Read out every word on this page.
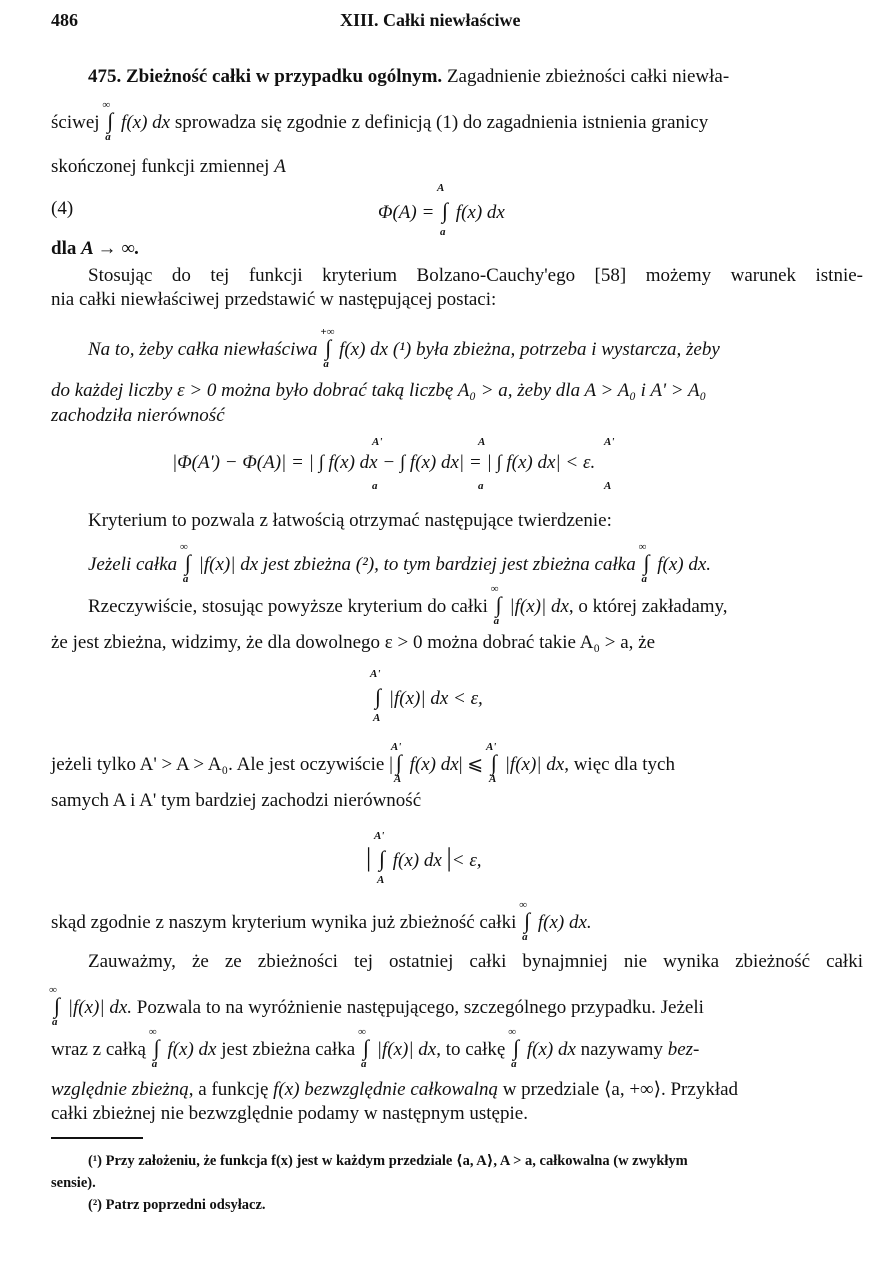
486	XIII. Całki niewłaściwe
475. Zbieżność całki w przypadku ogólnym. Zagadnienie zbieżności całki niewła-
ściwej
∞
∫
a
f(x) dx sprowadza się zgodnie z definicją (1) do zagadnienia istnienia granicy
skończonej funkcji zmiennej A
(4)	Φ(A) =
A
∫
a
f(x) dx
dla A → ∞.
Stosując do tej funkcji kryterium Bolzano-Cauchy'ego [58] możemy warunek istnie-
nia całki niewłaściwej przedstawić w następującej postaci:
Na to, żeby całka niewłaściwa
+∞
∫
a
f(x) dx (¹) była zbieżna, potrzeba i wystarcza, żeby
do każdej liczby ε > 0 można było dobrać taką liczbę A₀ > a, żeby dla A > A₀ i A' > A₀
zachodziła nierówność
|Φ(A') − Φ(A)| = | ∫ f(x) dx − ∫ f(x) dx| = | ∫ f(x) dx| < ε.
A'
a
A
a
A'
A
Kryterium to pozwala z łatwością otrzymać następujące twierdzenie:
Jeżeli całka
∞
∫
a
|f(x)| dx jest zbieżna (²), to tym bardziej jest zbieżna całka
∞
∫
a
f(x) dx.
Rzeczywiście, stosując powyższe kryterium do całki
∞
∫
a
|f(x)| dx, o której zakładamy,
że jest zbieżna, widzimy, że dla dowolnego ε > 0 można dobrać takie A₀ > a, że
A'
∫
A
|f(x)| dx < ε,
jeżeli tylko A' > A > A₀. Ale jest oczywiście |
A'
∫
A
f(x) dx| ⩽
A'
∫
A
|f(x)| dx, więc dla tych
samych A i A' tym bardziej zachodzi nierówność
|
A'
∫
A
f(x) dx |< ε,
skąd zgodnie z naszym kryterium wynika już zbieżność całki
∞
∫
a
f(x) dx.
Zauważmy, że ze zbieżności tej ostatniej całki bynajmniej nie wynika zbieżność całki
∞
∫
a
|f(x)| dx. Pozwala to na wyróżnienie następującego, szczególnego przypadku. Jeżeli
wraz z całką
∞
∫
a
f(x) dx jest zbieżna całka
∞
∫
a
|f(x)| dx, to całkę
∞
∫
a
f(x) dx nazywamy bez-
względnie zbieżną, a funkcję f(x) bezwzględnie całkowalną w przedziale ⟨a, +∞⟩. Przykład
całki zbieżnej nie bezwzględnie podamy w następnym ustępie.
(¹) Przy założeniu, że funkcja f(x) jest w każdym przedziale ⟨a, A⟩, A > a, całkowalna (w zwykłym
sensie).
(²) Patrz poprzedni odsyłacz.
